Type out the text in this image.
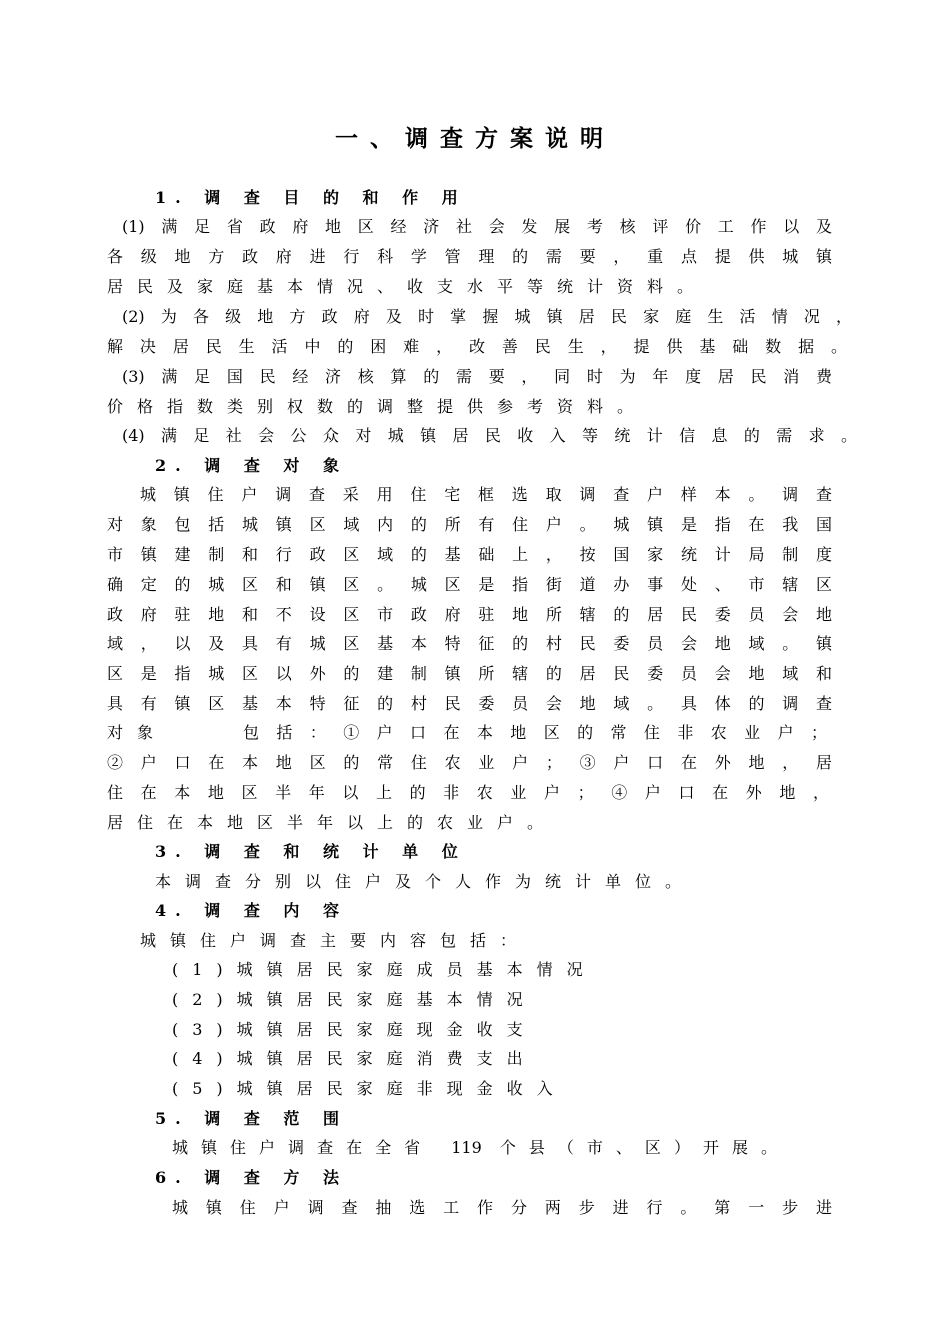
一、调查方案说明
1. 调 查 目 的 和 作 用
(1)满足省政府地区经济社会发展考核评价工作以及
各级地方政府进行科学管理的需要，重点提供城镇
居民及家庭基本情况、收支水平等统计资料。
(2)为各级地方政府及时掌握城镇居民家庭生活情况，
解决居民生活中的困难，改善民生，提供基础数据。
(3)满足国民经济核算的需要，同时为年度居民消费
价格指数类别权数的调整提供参考资料。
(4)满足社会公众对城镇居民收入等统计信息的需求。
2. 调 查 对 象
城镇住户调查采用住宅框选取调查户样本。调查
对象包括城镇区域内的所有住户。城镇是指在我国
市镇建制和行政区域的基础上，按国家统计局制度
确定的城区和镇区。城区是指街道办事处、市辖区
政府驻地和不设区市政府驻地所辖的居民委员会地
域，以及具有城区基本特征的村民委员会地域。镇
区是指城区以外的建制镇所辖的居民委员会地域和
具有镇区基本特征的村民委员会地域。具体的调查
对象	包括：①户口在本地区的常住非农业户；
②户口在本地区的常住农业户；③户口在外地，居
住在本地区半年以上的非农业户；④户口在外地，
居住在本地区半年以上的农业户。
3. 调 查 和 统 计 单 位
本调查分别以住户及个人作为统计单位。
4. 调 查 内 容
城镇住户调查主要内容包括：
(1)城镇居民家庭成员基本情况
(2)城镇居民家庭基本情况
(3)城镇居民家庭现金收支
(4)城镇居民家庭消费支出
(5)城镇居民家庭非现金收入
5. 调 查 范 围
城镇住户调查在全省 119 个县（市、区）开展。
6. 调 查 方 法
城镇住户调查抽选工作分两步进行。第一步进
